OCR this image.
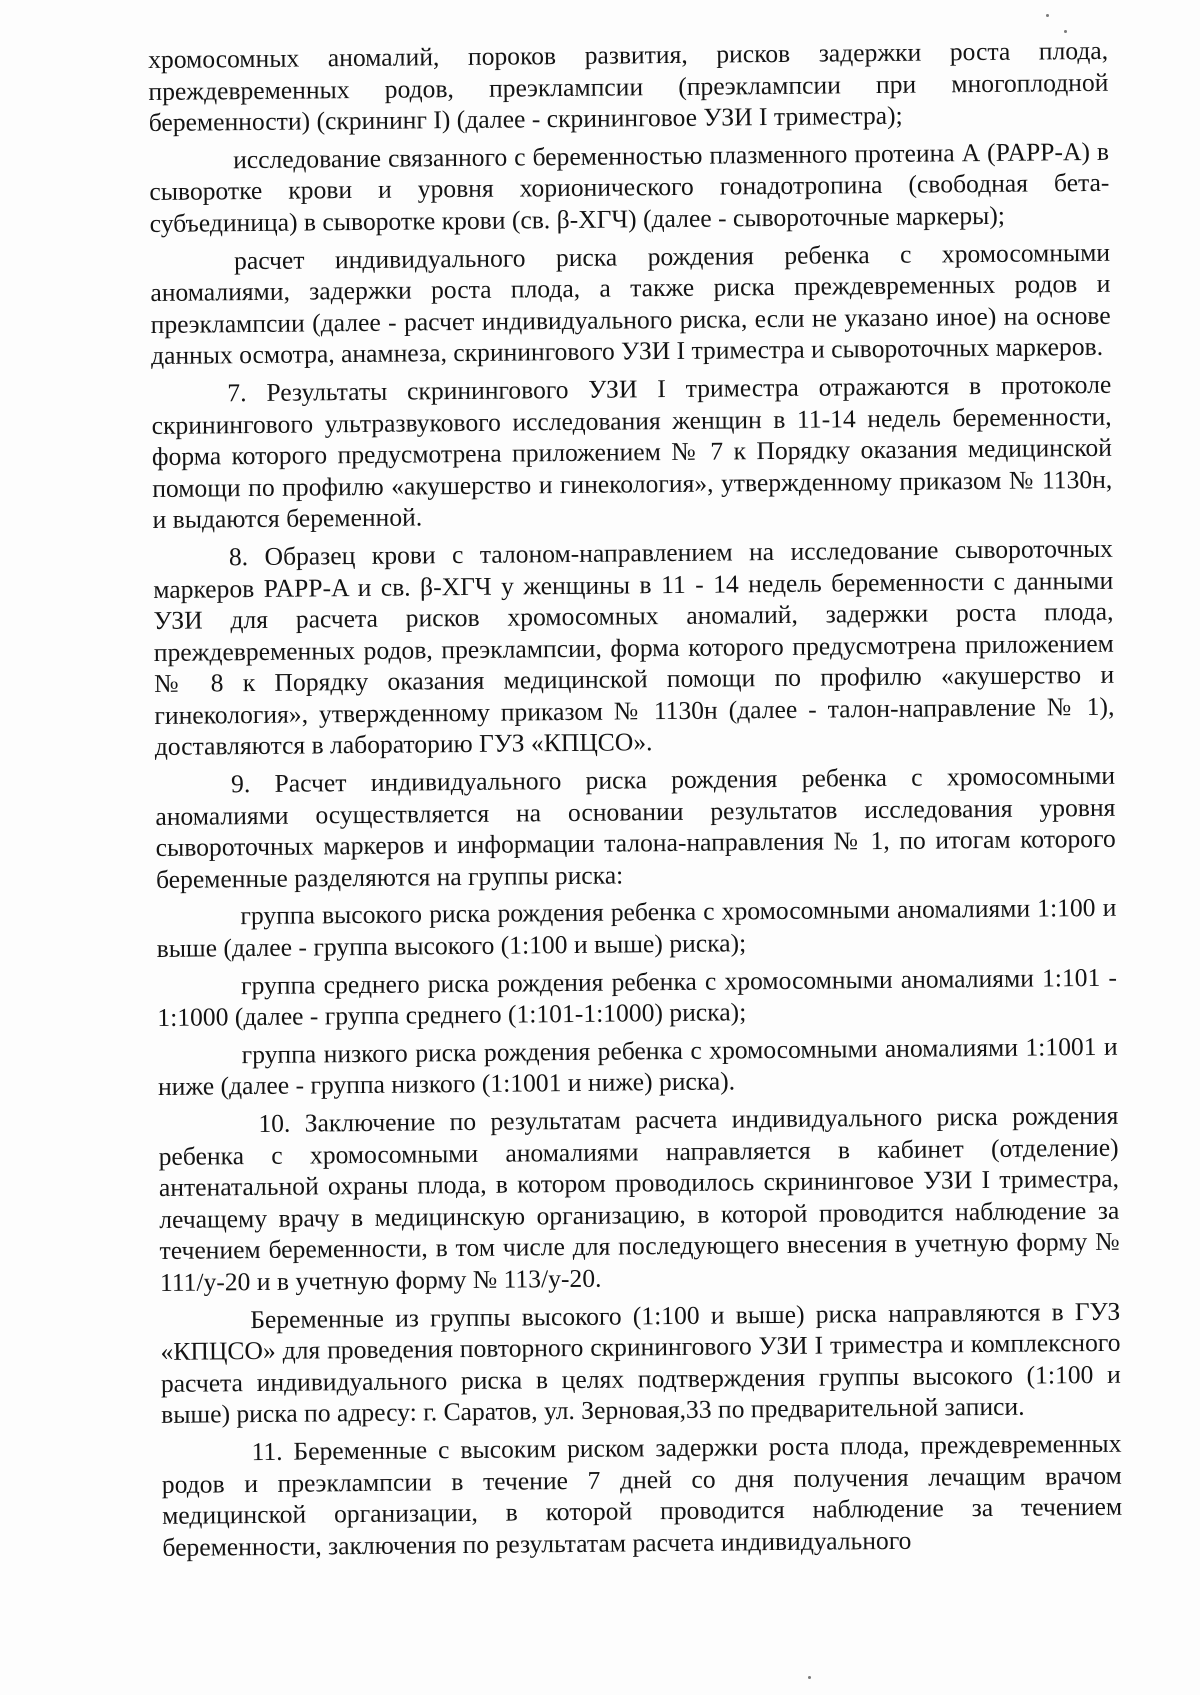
хромосомных аномалий, пороков развития, рисков задержки роста плода, преждевременных родов, преэклампсии (преэклампсии при многоплодной беременности) (скрининг I) (далее - скрининговое УЗИ I триместра);

исследование связанного с беременностью плазменного протеина А (PAPP-A) в сыворотке крови и уровня хорионического гонадотропина (свободная бета-субъединица) в сыворотке крови (св. β-ХГЧ) (далее - сывороточные маркеры);

расчет индивидуального риска рождения ребенка с хромосомными аномалиями, задержки роста плода, а также риска преждевременных родов и преэклампсии (далее - расчет индивидуального риска, если не указано иное) на основе данных осмотра, анамнеза, скринингового УЗИ I триместра и сывороточных маркеров.

7. Результаты скринингового УЗИ I триместра отражаются в протоколе скринингового ультразвукового исследования женщин в 11-14 недель беременности, форма которого предусмотрена приложением № 7 к Порядку оказания медицинской помощи по профилю «акушерство и гинекология», утвержденному приказом № 1130н, и выдаются беременной.

8. Образец крови с талоном-направлением на исследование сывороточных маркеров PAPP-A и св. β-ХГЧ у женщины в 11 - 14 недель беременности с данными УЗИ для расчета рисков хромосомных аномалий, задержки роста плода, преждевременных родов, преэклампсии, форма которого предусмотрена приложением № 8 к Порядку оказания медицинской помощи по профилю «акушерство и гинекология», утвержденному приказом № 1130н (далее - талон-направление № 1), доставляются в лабораторию ГУЗ «КПЦСО».

9. Расчет индивидуального риска рождения ребенка с хромосомными аномалиями осуществляется на основании результатов исследования уровня сывороточных маркеров и информации талона-направления № 1, по итогам которого беременные разделяются на группы риска:

группа высокого риска рождения ребенка с хромосомными аномалиями 1:100 и выше (далее - группа высокого (1:100 и выше) риска);

группа среднего риска рождения ребенка с хромосомными аномалиями 1:101 - 1:1000 (далее - группа среднего (1:101-1:1000) риска);

группа низкого риска рождения ребенка с хромосомными аномалиями 1:1001 и ниже (далее - группа низкого (1:1001 и ниже) риска).

10. Заключение по результатам расчета индивидуального риска рождения ребенка с хромосомными аномалиями направляется в кабинет (отделение) антенатальной охраны плода, в котором проводилось скрининговое УЗИ I триместра, лечащему врачу в медицинскую организацию, в которой проводится наблюдение за течением беременности, в том числе для последующего внесения в учетную форму № 111/у-20 и в учетную форму № 113/у-20.

Беременные из группы высокого (1:100 и выше) риска направляются в ГУЗ «КПЦСО» для проведения повторного скринингового УЗИ I триместра и комплексного расчета индивидуального риска в целях подтверждения группы высокого (1:100 и выше) риска по адресу: г. Саратов, ул. Зерновая,33 по предварительной записи.

11. Беременные с высоким риском задержки роста плода, преждевременных родов и преэклампсии в течение 7 дней со дня получения лечащим врачом медицинской организации, в которой проводится наблюдение за течением беременности, заключения по результатам расчета индивидуального
